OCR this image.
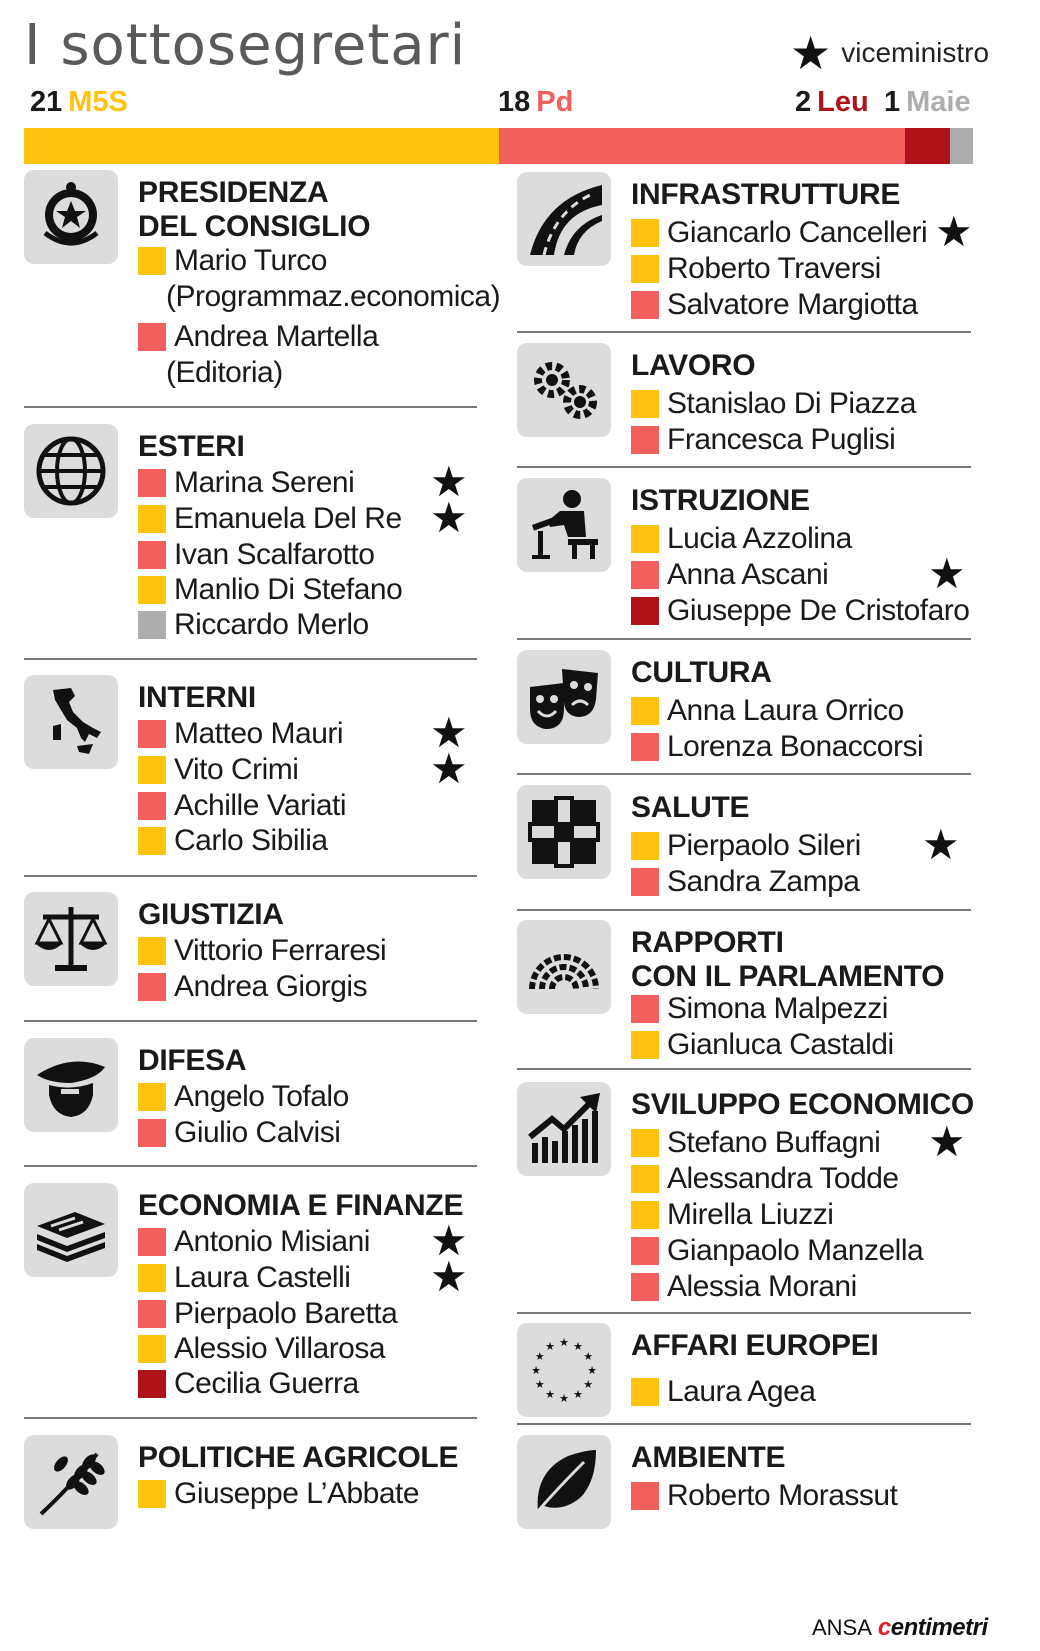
I sottosegretari	★ viceministro
21 M5S	18 Pd	2 Leu 1 Maie
PRESIDENZA
DEL CONSIGLIO
Mario Turco
(Programmaz.economica)
Andrea Martella
(Editoria)
ESTERI
Marina Sereni ★
Emanuela Del Re ★
Ivan Scalfarotto
Manlio Di Stefano
Riccardo Merlo
INTERNI
Matteo Mauri ★
Vito Crimi	★
Achille Variati
Carlo Sibilia
GIUSTIZIA
Vittorio Ferraresi
Andrea Giorgis
DIFESA
Angelo Tofalo
Giulio Calvisi
ECONOMIA E FINANZE
Antonio Misiani ★
Laura Castelli ★
Pierpaolo Baretta
Alessio Villarosa
Cecilia Guerra
POLITICHE AGRICOLE
Giuseppe L’Abbate
INFRASTRUTTURE
Giancarlo Cancelleri ★
Roberto Traversi
Salvatore Margiotta
LAVORO
Stanislao Di Piazza
Francesca Puglisi
ISTRUZIONE
Lucia Azzolina
Anna Ascani ★
Giuseppe De Cristofaro
CULTURA
Anna Laura Orrico
Lorenza Bonaccorsi
SALUTE
Pierpaolo Sileri ★
Sandra Zampa
RAPPORTI
CON IL PARLAMENTO
Simona Malpezzi
Gianluca Castaldi
SVILUPPO ECONOMICO
Stefano Buffagni ★
Alessandra Todde
Mirella Liuzzi
Gianpaolo Manzella
Alessia Morani
★
★
★
★
★
★
★
★
★ ★ ★
★ AFFARI EUROPEI
Laura Agea
AMBIENTE
Roberto Morassut
ANSA centimetri
